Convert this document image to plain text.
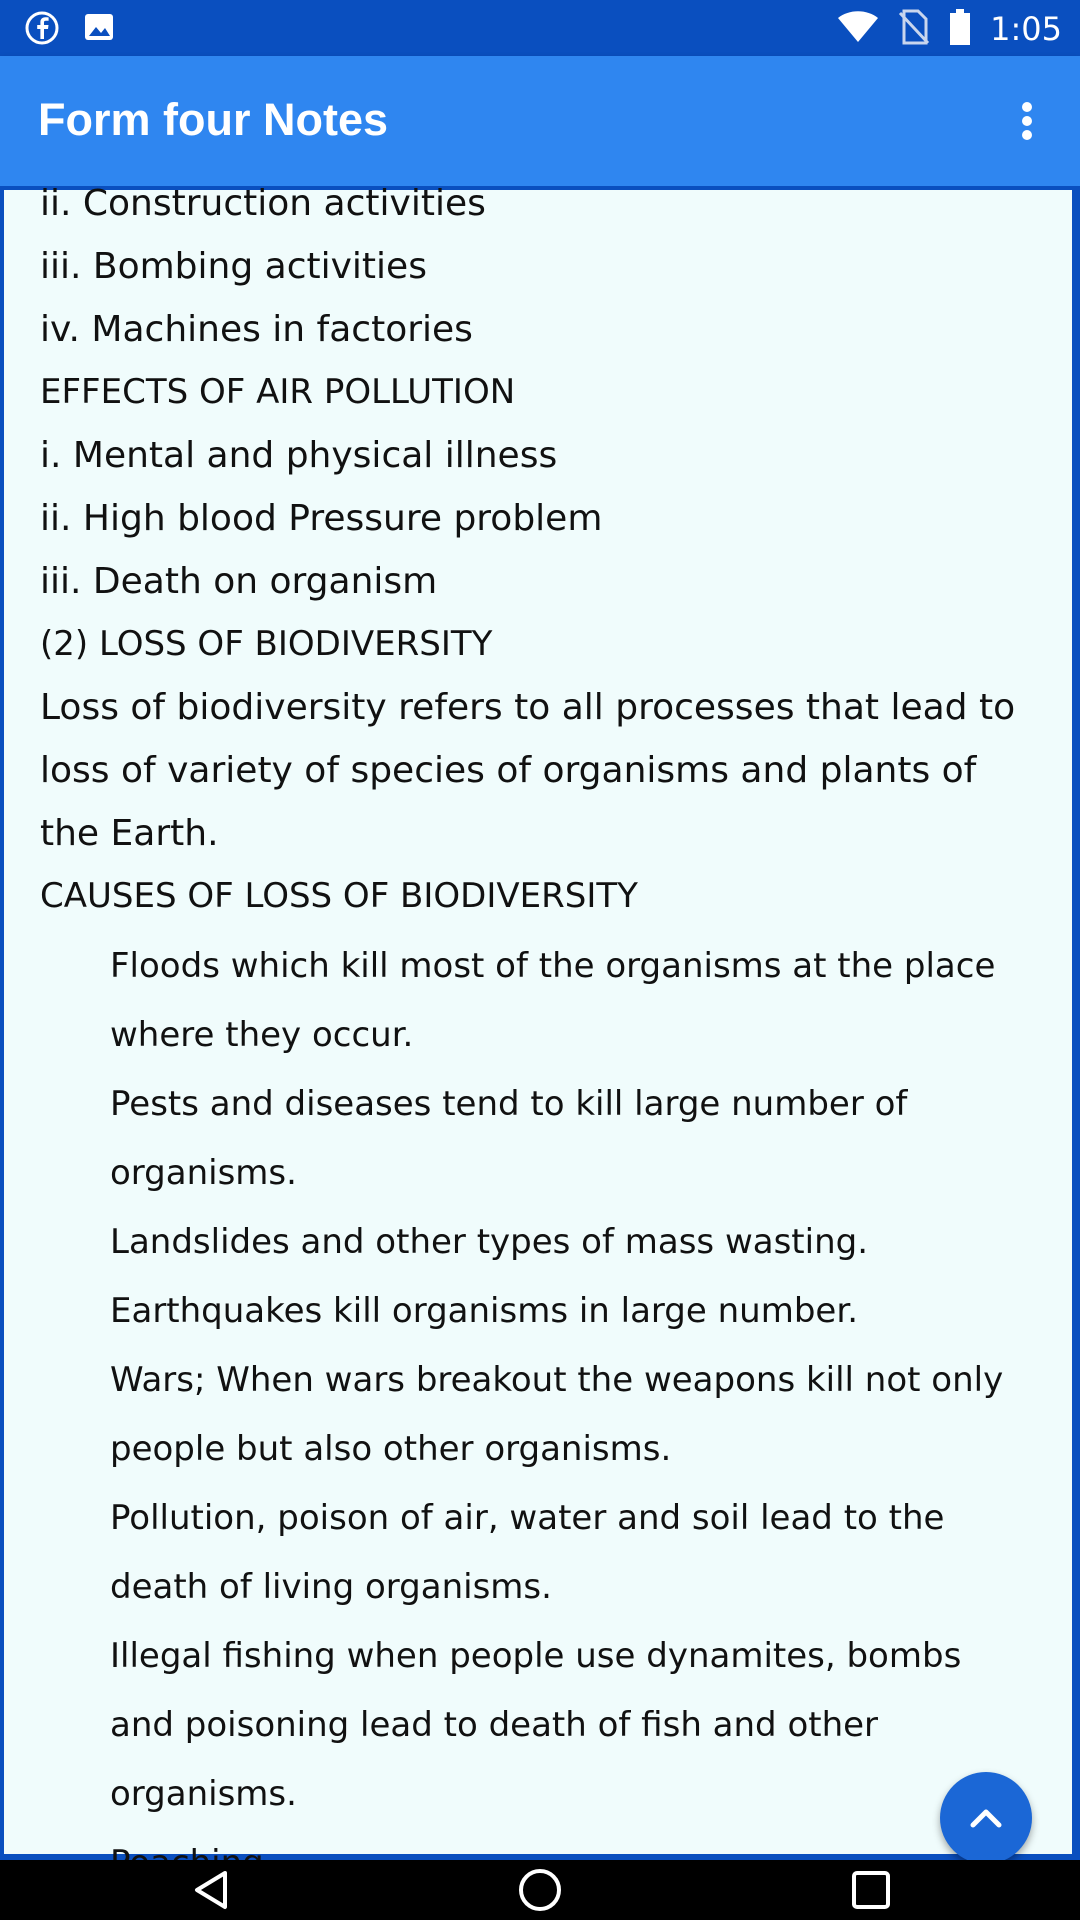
1:05
Form four Notes
ii. Construction activities
iii. Bombing activities
iv. Machines in factories
EFFECTS OF AIR POLLUTION
i. Mental and physical illness
ii. High blood Pressure problem
iii. Death on organism
(2) LOSS OF BIODIVERSITY
Loss of biodiversity refers to all processes that lead to loss of variety of species of organisms and plants of the Earth.
CAUSES OF LOSS OF BIODIVERSITY
Floods which kill most of the organisms at the place where they occur.
Pests and diseases tend to kill large number of organisms.
Landslides and other types of mass wasting.
Earthquakes kill organisms in large number.
Wars; When wars breakout the weapons kill not only people but also other organisms.
Pollution, poison of air, water and soil lead to the death of living organisms.
Illegal fishing when people use dynamites, bombs and poisoning lead to death of fish and other organisms.
